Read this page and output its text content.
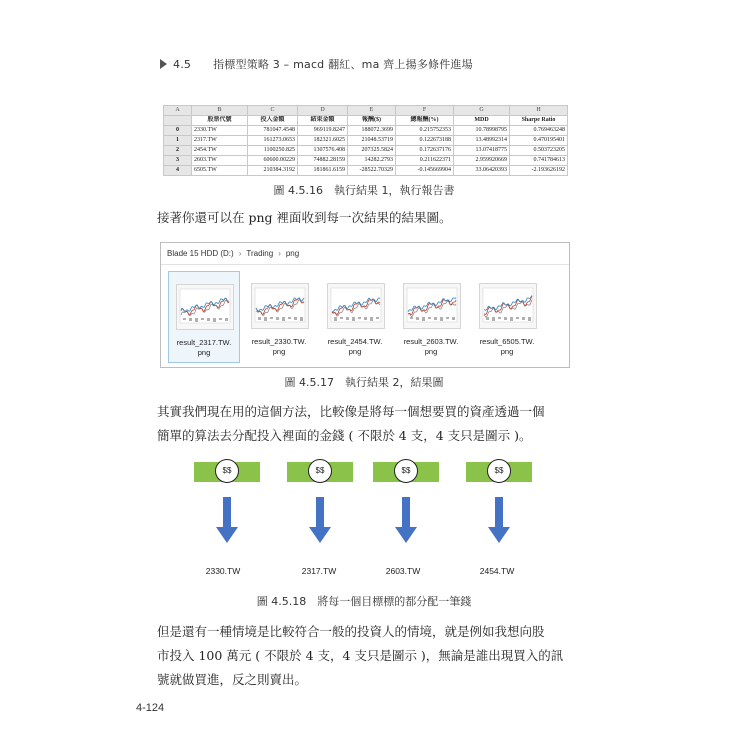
4.5 指標型策略 3 – macd 翻紅、ma 齊上揚多條件進場
A	B	C	D	E	F	G	H
	股票代號	投入金額	結束金額	報酬($)	總報酬(%)	MDD	Sharpe Ratio
0	2330.TW	781047.4548	969119.8247	188072.3699	0.215752353	10.78998795	0.769463248
1	2317.TW	161273.0653	182321.6025	21048.53719	0.122673188	13.48992314	0.470195401
2	2454.TW	1100250.825	1307576.408	207325.5824	0.172637176	13.07418775	0.503723205
3	2603.TW	60600.00229	74882.28159	14282.2793	0.211622371	2.959920669	0.741784613
4	6505.TW	210384.3192	181861.6159	-28522.70329	-0.145669904	33.06420393	-2.193626192
圖 4.5.16　執行結果 1，執行報告書
接著你還可以在 png 裡面收到每一次結果的結果圖。
Blade 15 HDD (D:) › Trading › png
result_2317.TW.
png
result_2330.TW.
png
result_2454.TW.
png
result_2603.TW.
png
result_6505.TW.
png
圖 4.5.17　執行結果 2，結果圖
其實我們現在用的這個方法，比較像是將每一個想要買的資產透過一個
簡單的算法去分配投入裡面的金錢 ( 不限於 4 支，4 支只是圖示 )。
$$	$$	$$	$$
2330.TW	2317.TW	2603.TW	2454.TW
圖 4.5.18　將每一個目標標的都分配一筆錢
但是還有一種情境是比較符合一般的投資人的情境，就是例如我想向股
市投入 100 萬元 ( 不限於 4 支，4 支只是圖示 )，無論是誰出現買入的訊
號就做買進，反之則賣出。
4-124
